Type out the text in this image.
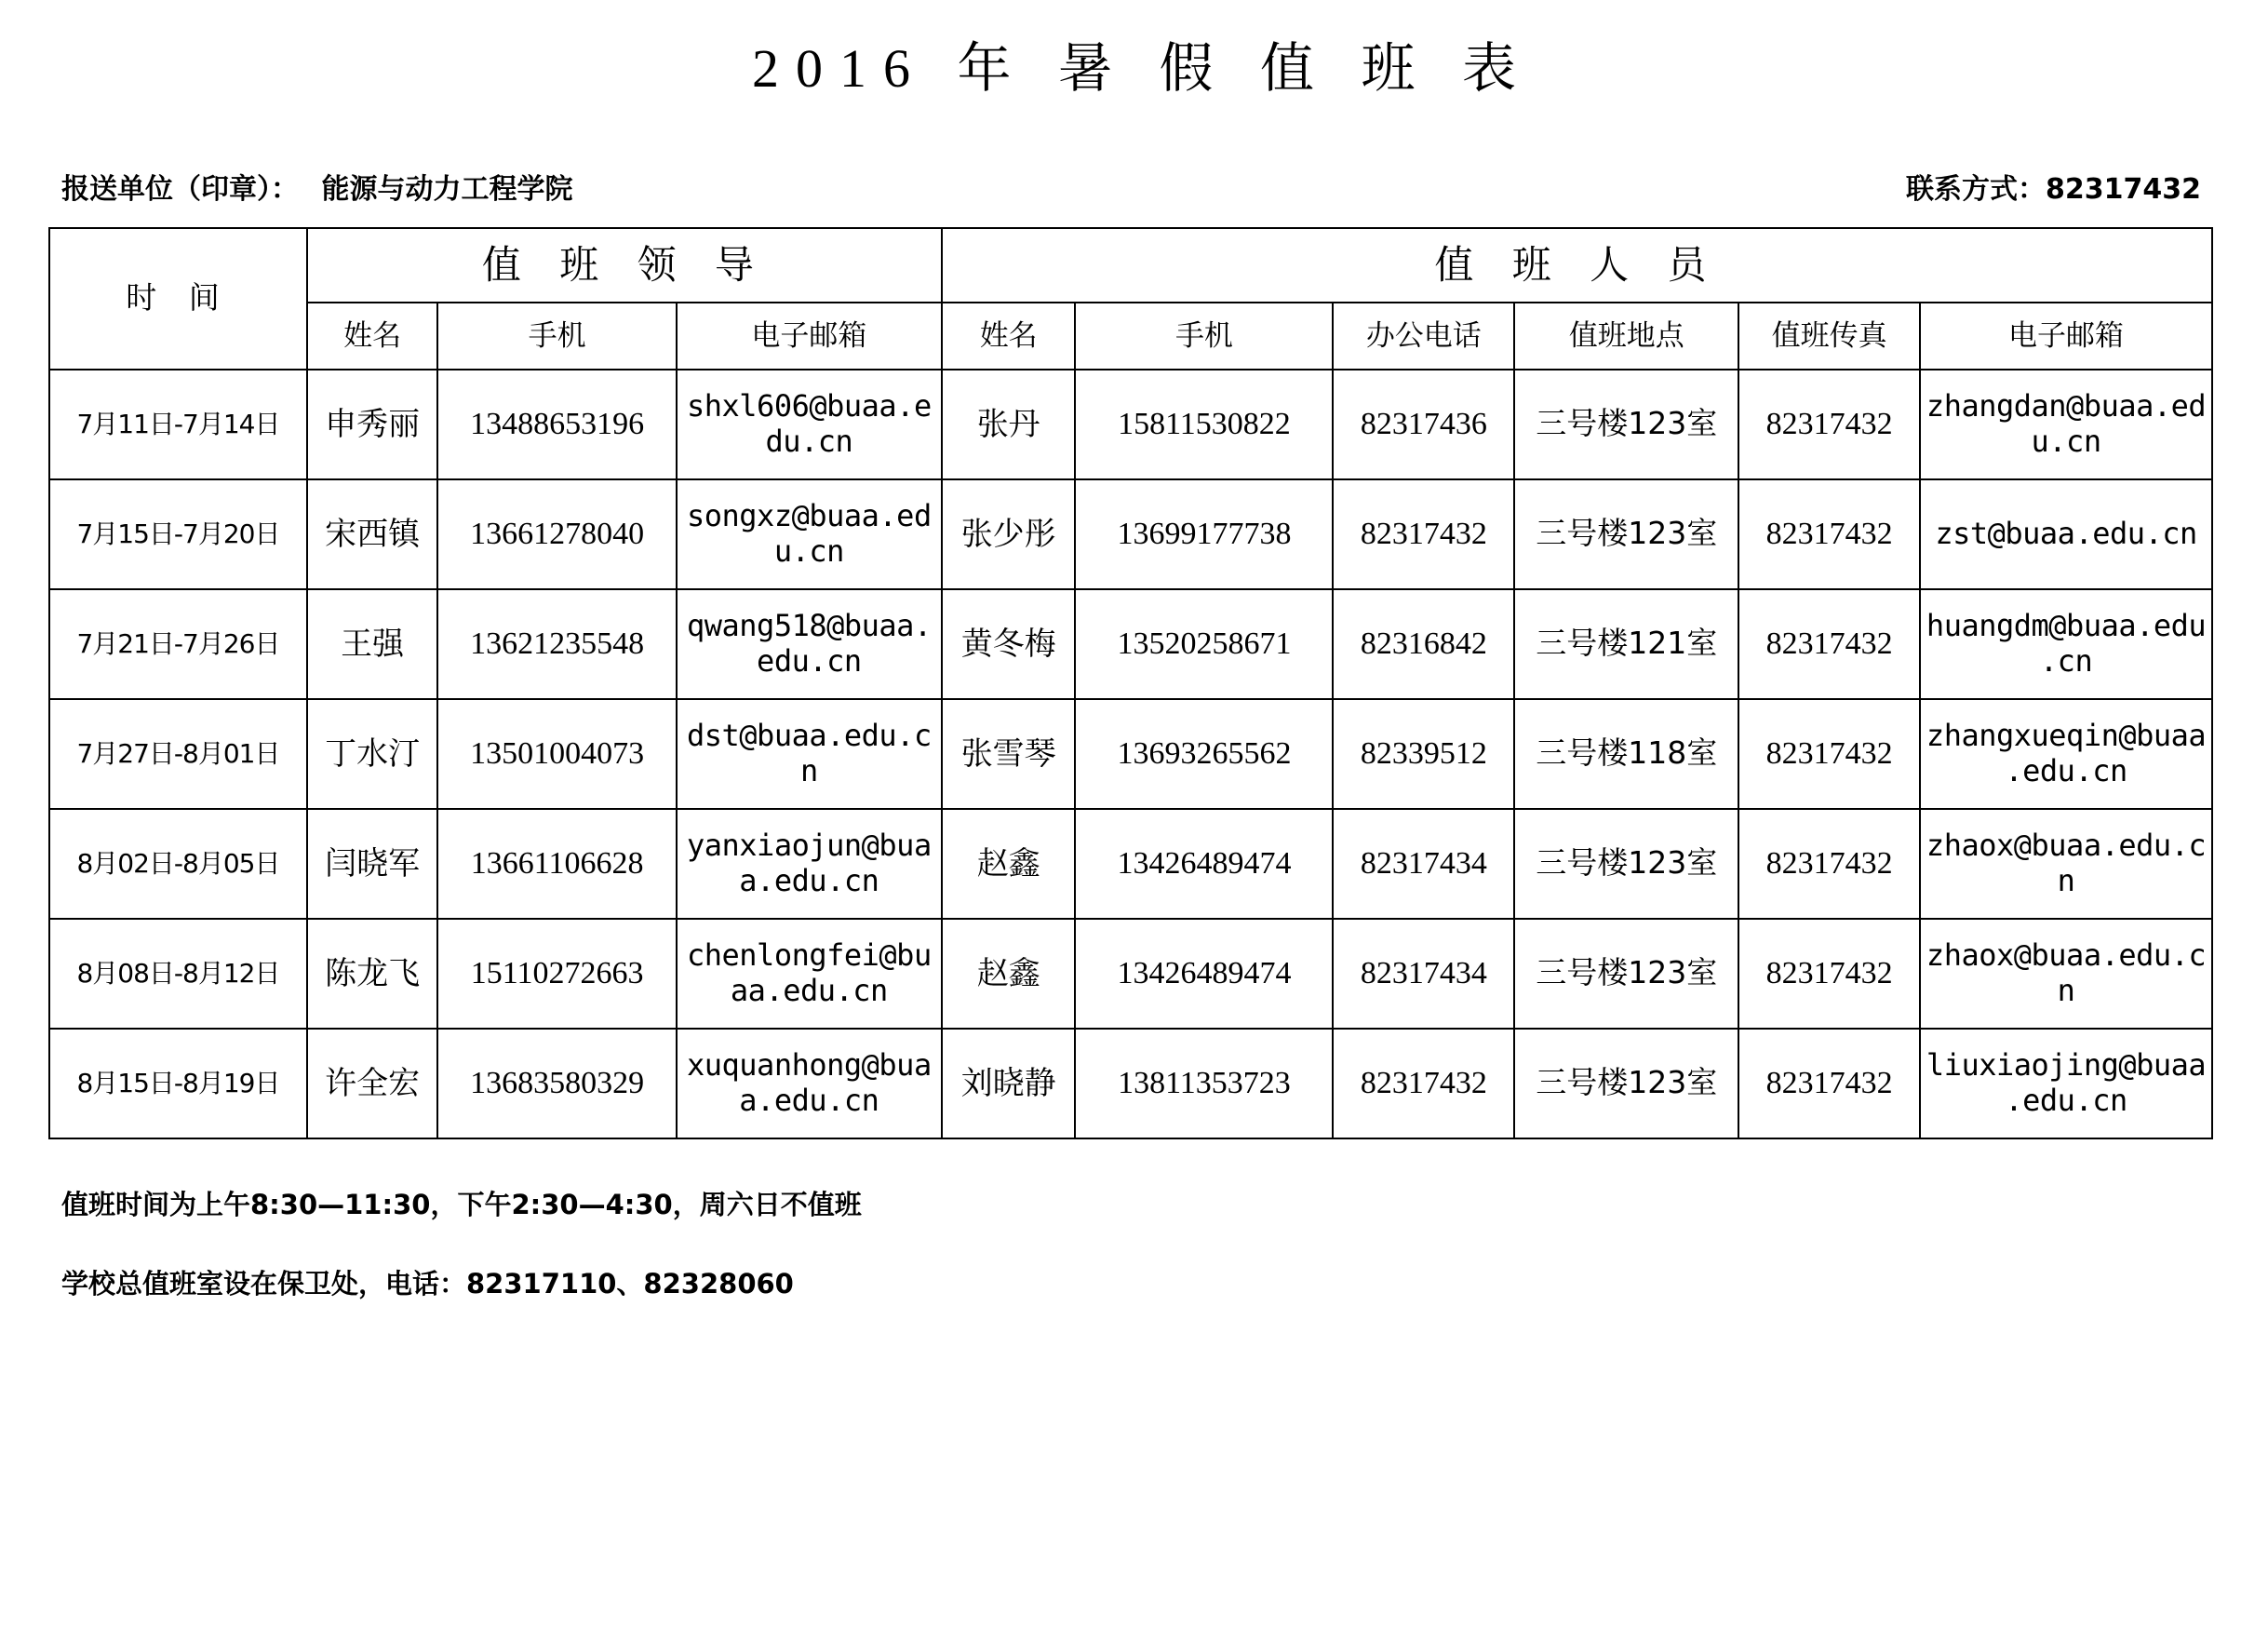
2016 年 暑 假 值 班 表
报送单位（印章）： 能源与动力工程学院	联系方式：82317432
时 间	值 班 领 导			值 班 人 员					
	姓名	手机	电子邮箱	姓名	手机	办公电话	值班地点	值班传真	电子邮箱
7月11日-7月14日	申秀丽	13488653196	shxl606@buaa.edu.cn	张丹	15811530822	82317436	三号楼123室	82317432	zhangdan@buaa.edu.cn
7月15日-7月20日	宋西镇	13661278040	songxz@buaa.edu.cn	张少彤	13699177738	82317432	三号楼123室	82317432	zst@buaa.edu.cn
7月21日-7月26日	王强	13621235548	qwang518@buaa.edu.cn	黄冬梅	13520258671	82316842	三号楼121室	82317432	huangdm@buaa.edu.cn
7月27日-8月01日	丁水汀	13501004073	dst@buaa.edu.cn	张雪琴	13693265562	82339512	三号楼118室	82317432	zhangxueqin@buaa.edu.cn
8月02日-8月05日	闫晓军	13661106628	yanxiaojun@buaa.edu.cn	赵鑫	13426489474	82317434	三号楼123室	82317432	zhaox@buaa.edu.cn
8月08日-8月12日	陈龙飞	15110272663	chenlongfei@buaa.edu.cn	赵鑫	13426489474	82317434	三号楼123室	82317432	zhaox@buaa.edu.cn
8月15日-8月19日	许全宏	13683580329	xuquanhong@buaa.edu.cn	刘晓静	13811353723	82317432	三号楼123室	82317432	liuxiaojing@buaa.edu.cn
值班时间为上午8:30—11:30，下午2:30—4:30，周六日不值班
学校总值班室设在保卫处，电话：82317110、82328060
